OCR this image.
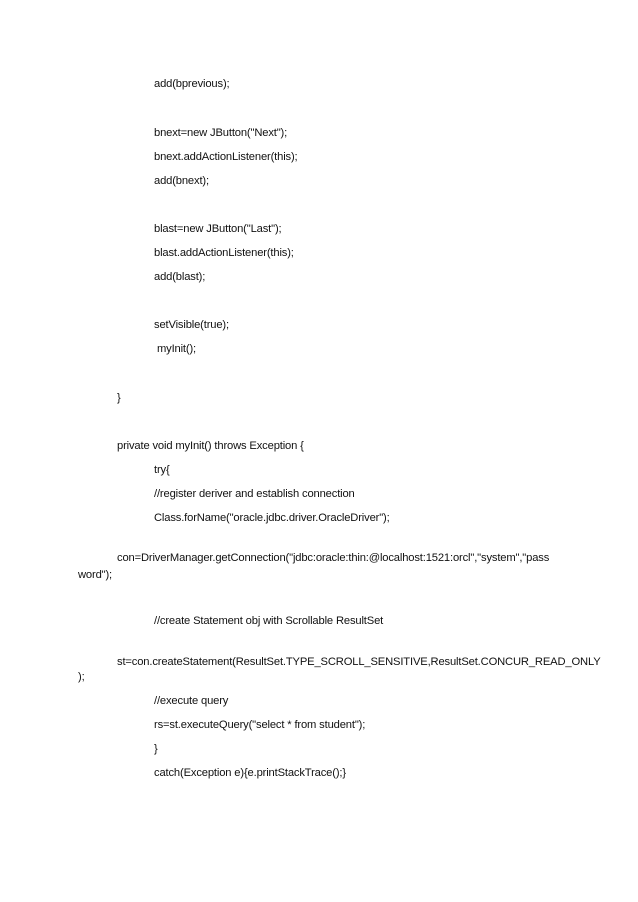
add(bprevious);
bnext=new JButton("Next");
bnext.addActionListener(this);
add(bnext);
blast=new JButton("Last");
blast.addActionListener(this);
add(blast);
setVisible(true);
myInit();
}
private void myInit() throws Exception {
try{
//register deriver and establish connection
Class.forName("oracle.jdbc.driver.OracleDriver");
con=DriverManager.getConnection("jdbc:oracle:thin:@localhost:1521:orcl","system","pass
word");
//create Statement obj with Scrollable ResultSet
st=con.createStatement(ResultSet.TYPE_SCROLL_SENSITIVE,ResultSet.CONCUR_READ_ONLY
);
//execute query
rs=st.executeQuery("select * from student");
}
catch(Exception e){e.printStackTrace();}
